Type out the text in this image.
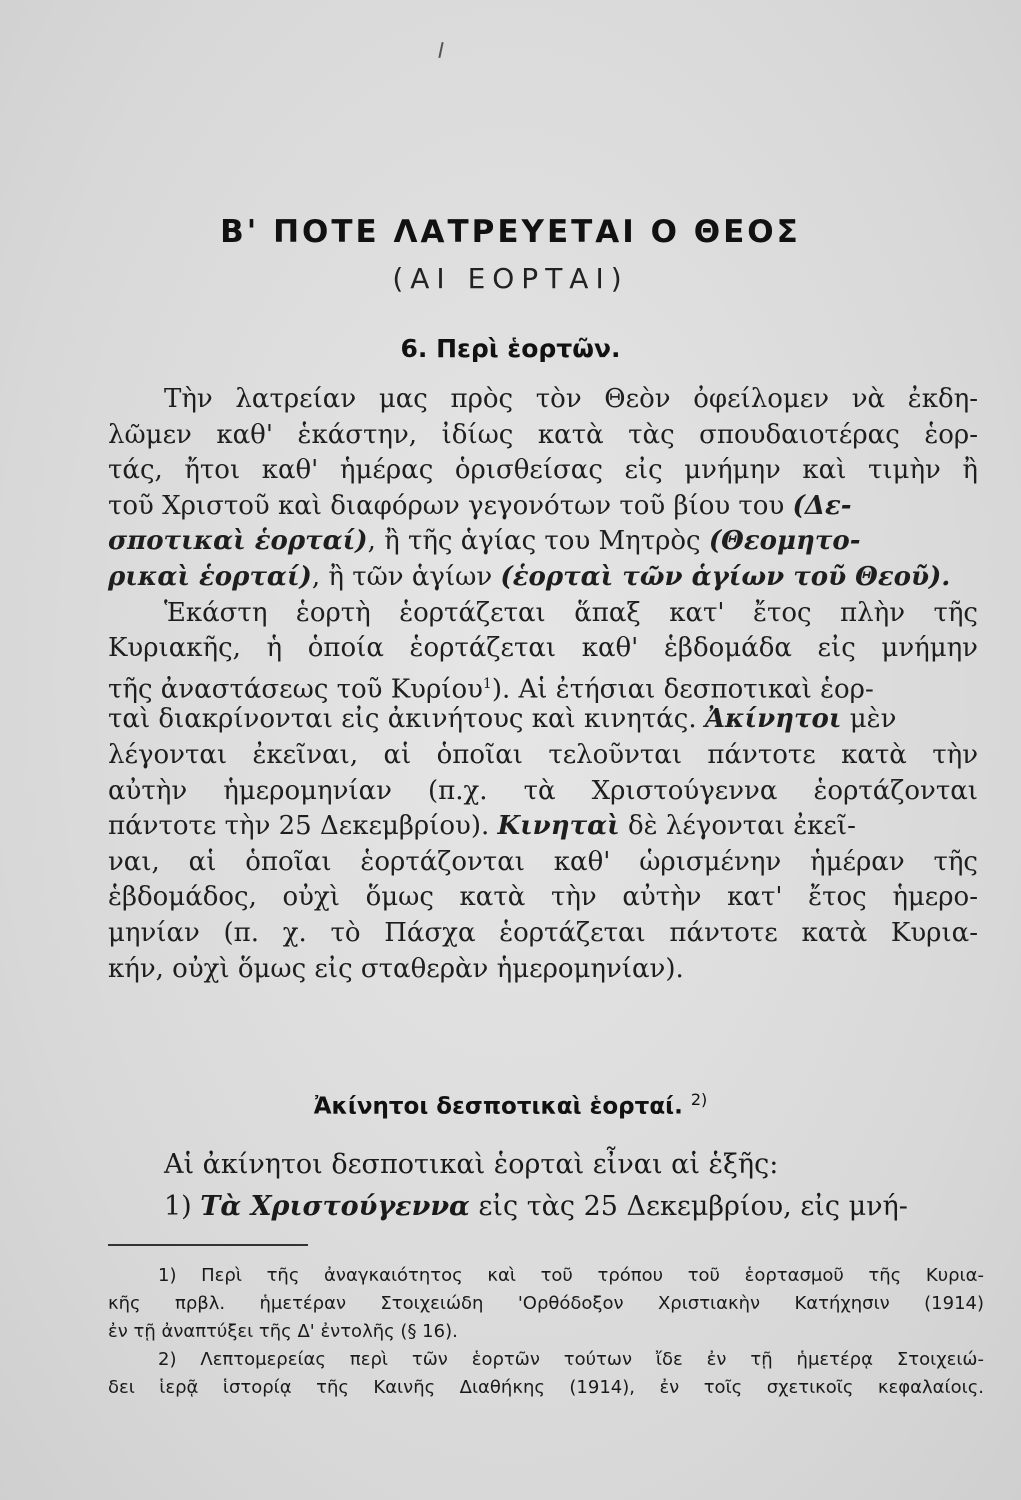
Β' ΠΟΤΕ ΛΑΤΡΕΥΕΤΑΙ Ο ΘΕΟΣ
(ΑΙ ΕΟΡΤΑΙ)
6. Περὶ ἑορτῶν.
Τὴν λατρείαν μας πρὸς τὸν Θεὸν ὀφείλομεν νὰ ἐκδη-
λῶμεν καθ' ἑκάστην, ἰδίως κατὰ τὰς σπουδαιοτέρας ἑορ-
τάς, ἤτοι καθ' ἡμέρας ὁρισθείσας εἰς μνήμην καὶ τιμὴν ἢ
τοῦ Χριστοῦ καὶ διαφόρων γεγονότων τοῦ βίου του (Δε-
σποτικαὶ ἑορταί), ἢ τῆς ἁγίας του Μητρὸς (Θεομητο-
ρικαὶ ἑορταί), ἢ τῶν ἁγίων (ἑορταὶ τῶν ἁγίων τοῦ Θεοῦ).
Ἑκάστη ἑορτὴ ἑορτάζεται ἅπαξ κατ' ἔτος πλὴν τῆς
Κυριακῆς, ἡ ὁποία ἑορτάζεται καθ' ἑβδομάδα εἰς μνήμην
τῆς ἀναστάσεως τοῦ Κυρίου$^1$). Αἱ ἐτήσιαι δεσποτικαὶ ἑορ-
ταὶ διακρίνονται εἰς ἀκινήτους καὶ κινητάς. Ἀκίνητοι μὲν
λέγονται ἐκεῖναι, αἱ ὁποῖαι τελοῦνται πάντοτε κατὰ τὴν
αὐτὴν ἡμερομηνίαν (π.χ. τὰ Χριστούγεννα ἑορτάζονται
πάντοτε τὴν 25 Δεκεμβρίου). Κινηταὶ δὲ λέγονται ἐκεῖ-
ναι, αἱ ὁποῖαι ἑορτάζονται καθ' ὡρισμένην ἡμέραν τῆς
ἑβδομάδος, οὐχὶ ὅμως κατὰ τὴν αὐτὴν κατ' ἔτος ἡμερο-
μηνίαν (π. χ. τὸ Πάσχα ἑορτάζεται πάντοτε κατὰ Κυρια-
κήν, οὐχὶ ὅμως εἰς σταθερὰν ἡμερομηνίαν).
Ἀκίνητοι δεσποτικαὶ ἑορταί. $^{2)}$
Αἱ ἀκίνητοι δεσποτικαὶ ἑορταὶ εἶναι αἱ ἑξῆς:
1) Τὰ Χριστούγεννα εἰς τὰς 25 Δεκεμβρίου, εἰς μνή-
1) Περὶ τῆς ἀναγκαιότητος καὶ τοῦ τρόπου τοῦ ἑορτασμοῦ τῆς Κυρια-
κῆς πρβλ. ἡμετέραν Στοιχειώδη 'Ορθόδοξον Χριστιακὴν Κατήχησιν (1914)
ἐν τῇ ἀναπτύξει τῆς Δ' ἐντολῆς (§ 16).
2) Λεπτομερείας περὶ τῶν ἑορτῶν τούτων ἴδε ἐν τῇ ἡμετέρᾳ Στοιχειώ-
δει ἱερᾷ ἱστορίᾳ τῆς Καινῆς Διαθήκης (1914), ἐν τοῖς σχετικοῖς κεφαλαίοις.
